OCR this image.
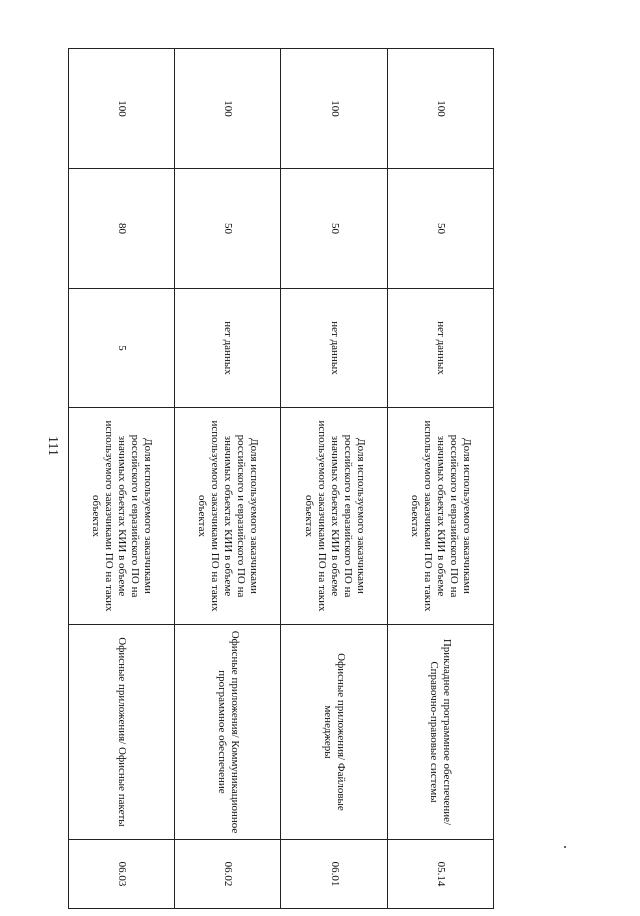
111
100	50	нет данных	Доля используемого заказчиками российского и евразийского ПО на значимых объектах КИИ в объеме используемого заказчиками ПО на таких объектах	Прикладное программное обеспечение/Справочно-правовые системы	05.14
100	50	нет данных	Доля используемого заказчиками российского и евразийского ПО на значимых объектах КИИ в объеме используемого заказчиками ПО на таких объектах	Офисные приложения/ Файловые менеджеры	06.01
100	50	нет данных	Доля используемого заказчиками российского и евразийского ПО на значимых объектах КИИ в объеме используемого заказчиками ПО на таких объектах	Офисные приложения/ Коммуникационное программное обеспечение	06.02
100	80	5	Доля используемого заказчиками российского и евразийского ПО на значимых объектах КИИ в объеме используемого заказчиками ПО на таких объектах	Офисные приложения/ Офисные пакеты	06.03
